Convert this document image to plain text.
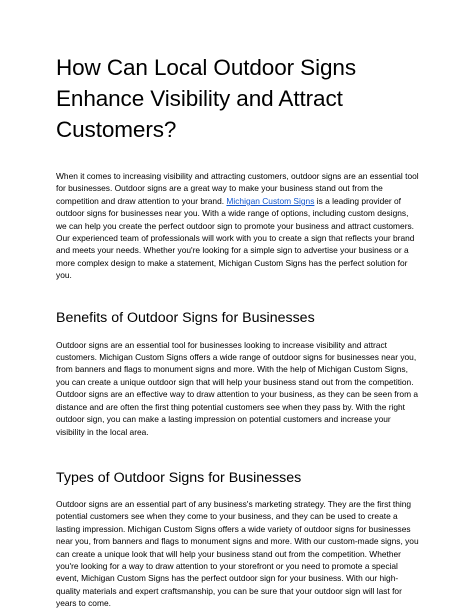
How Can Local Outdoor Signs Enhance Visibility and Attract Customers?

When it comes to increasing visibility and attracting customers, outdoor signs are an essential tool for businesses. Outdoor signs are a great way to make your business stand out from the competition and draw attention to your brand. Michigan Custom Signs is a leading provider of outdoor signs for businesses near you. With a wide range of options, including custom designs, we can help you create the perfect outdoor sign to promote your business and attract customers. Our experienced team of professionals will work with you to create a sign that reflects your brand and meets your needs. Whether you're looking for a simple sign to advertise your business or a more complex design to make a statement, Michigan Custom Signs has the perfect solution for you.

Benefits of Outdoor Signs for Businesses

Outdoor signs are an essential tool for businesses looking to increase visibility and attract customers. Michigan Custom Signs offers a wide range of outdoor signs for businesses near you, from banners and flags to monument signs and more. With the help of Michigan Custom Signs, you can create a unique outdoor sign that will help your business stand out from the competition. Outdoor signs are an effective way to draw attention to your business, as they can be seen from a distance and are often the first thing potential customers see when they pass by. With the right outdoor sign, you can make a lasting impression on potential customers and increase your visibility in the local area.

Types of Outdoor Signs for Businesses

Outdoor signs are an essential part of any business's marketing strategy. They are the first thing potential customers see when they come to your business, and they can be used to create a lasting impression. Michigan Custom Signs offers a wide variety of outdoor signs for businesses near you, from banners and flags to monument signs and more. With our custom-made signs, you can create a unique look that will help your business stand out from the competition. Whether you're looking for a way to draw attention to your storefront or you need to promote a special event, Michigan Custom Signs has the perfect outdoor sign for your business. With our high-quality materials and expert craftsmanship, you can be sure that your outdoor sign will last for years to come.
